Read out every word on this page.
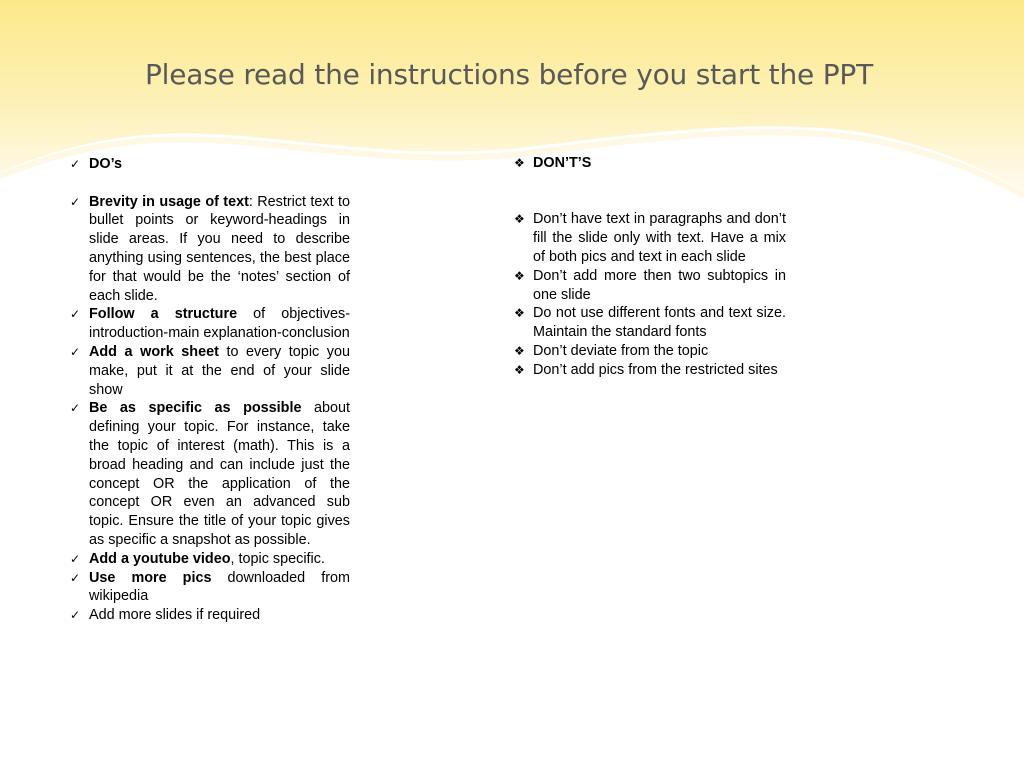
Please read the instructions before you start the PPT
✓ DO’s
✓ Brevity in usage of text: Restrict text to bullet points or keyword-headings in slide areas. If you need to describe anything using sentences, the best place for that would be the ‘notes’ section of each slide.
✓ Follow a structure of objectives-introduction-main explanation-conclusion
✓ Add a work sheet to every topic you make, put it at the end of your slide show
✓ Be as specific as possible about defining your topic. For instance, take the topic of interest (math). This is a broad heading and can include just the concept OR the application of the concept OR even an advanced sub topic. Ensure the title of your topic gives as specific a snapshot as possible.
✓ Add a youtube video, topic specific.
✓ Use more pics downloaded from wikipedia
✓ Add more slides if required
❖ DON’T’S
❖ Don’t have text in paragraphs and don’t fill the slide only with text. Have a mix of both pics and text in each slide
❖ Don’t add more then two subtopics in one slide
❖ Do not use different fonts and text size. Maintain the standard fonts
❖ Don’t deviate from the topic
❖ Don’t add pics from the restricted sites
